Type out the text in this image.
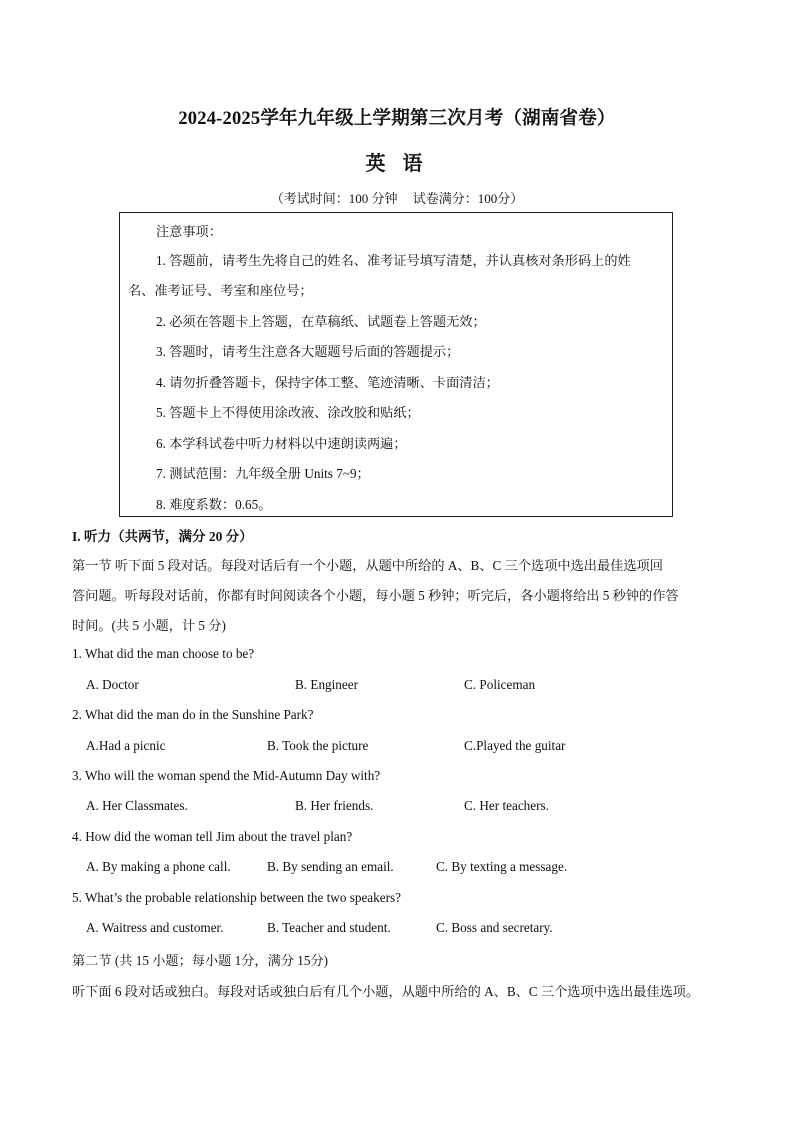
2024-2025学年九年级上学期第三次月考（湖南省卷）
英 语
（考试时间：100 分钟 试卷满分：100分）
注意事项：
1. 答题前，请考生先将自己的姓名、准考证号填写清楚，并认真核对条形码上的姓
名、准考证号、考室和座位号；
2. 必须在答题卡上答题，在草稿纸、试题卷上答题无效；
3. 答题时，请考生注意各大题题号后面的答题提示；
4. 请勿折叠答题卡，保持字体工整、笔迹清晰、卡面清洁；
5. 答题卡上不得使用涂改液、涂改胶和贴纸；
6. 本学科试卷中听力材料以中速朗读两遍；
7. 测试范围：九年级全册 Units 7~9；
8. 难度系数：0.65。
I. 听力（共两节，满分 20 分）
第一节 听下面 5 段对话。每段对话后有一个小题，从题中所给的 A、B、C 三个选项中选出最佳选项回
答问题。听每段对话前，你都有时间阅读各个小题，每小题 5 秒钟；听完后，各小题将给出 5 秒钟的作答
时间。(共 5 小题，计 5 分)
1. What did the man choose to be?
A. Doctor	B. Engineer	C. Policeman
2. What did the man do in the Sunshine Park?
A.Had a picnic	B. Took the picture	C.Played the guitar
3. Who will the woman spend the Mid-Autumn Day with?
A. Her Classmates.	B. Her friends.	C. Her teachers.
4. How did the woman tell Jim about the travel plan?
A. By making a phone call.	B. By sending an email.	C. By texting a message.
5. What’s the probable relationship between the two speakers?
A. Waitress and customer.	B. Teacher and student.	C. Boss and secretary.
第二节 (共 15 小题；每小题 1分，满分 15分)
听下面 6 段对话或独白。每段对话或独白后有几个小题，从题中所给的 A、B、C 三个选项中选出最佳选项。
